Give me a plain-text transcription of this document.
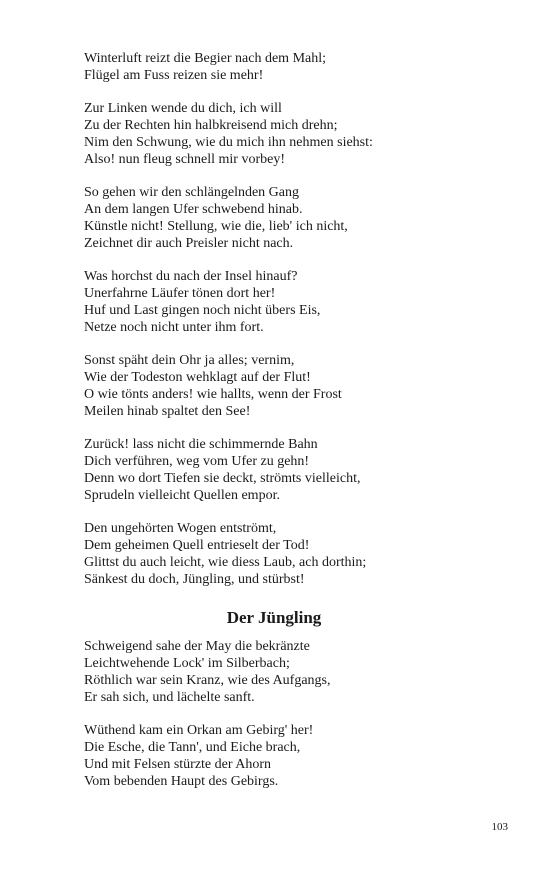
Winterluft reizt die Begier nach dem Mahl;
Flügel am Fuss reizen sie mehr!
Zur Linken wende du dich, ich will
Zu der Rechten hin halbkreisend mich drehn;
Nim den Schwung, wie du mich ihn nehmen siehst:
Also! nun fleug schnell mir vorbey!
So gehen wir den schlängelnden Gang
An dem langen Ufer schwebend hinab.
Künstle nicht! Stellung, wie die, lieb' ich nicht,
Zeichnet dir auch Preisler nicht nach.
Was horchst du nach der Insel hinauf?
Unerfahrne Läufer tönen dort her!
Huf und Last gingen noch nicht übers Eis,
Netze noch nicht unter ihm fort.
Sonst späht dein Ohr ja alles; vernim,
Wie der Todeston wehklagt auf der Flut!
O wie tönts anders! wie hallts, wenn der Frost
Meilen hinab spaltet den See!
Zurück! lass nicht die schimmernde Bahn
Dich verführen, weg vom Ufer zu gehn!
Denn wo dort Tiefen sie deckt, strömts vielleicht,
Sprudeln vielleicht Quellen empor.
Den ungehörten Wogen entströmt,
Dem geheimen Quell entrieselt der Tod!
Glittst du auch leicht, wie diess Laub, ach dorthin;
Sänkest du doch, Jüngling, und stürbst!
Der Jüngling
Schweigend sahe der May die bekränzte
Leichtwehende Lock' im Silberbach;
Röthlich war sein Kranz, wie des Aufgangs,
Er sah sich, und lächelte sanft.
Wüthend kam ein Orkan am Gebirg' her!
Die Esche, die Tann', und Eiche brach,
Und mit Felsen stürzte der Ahorn
Vom bebenden Haupt des Gebirgs.
103
